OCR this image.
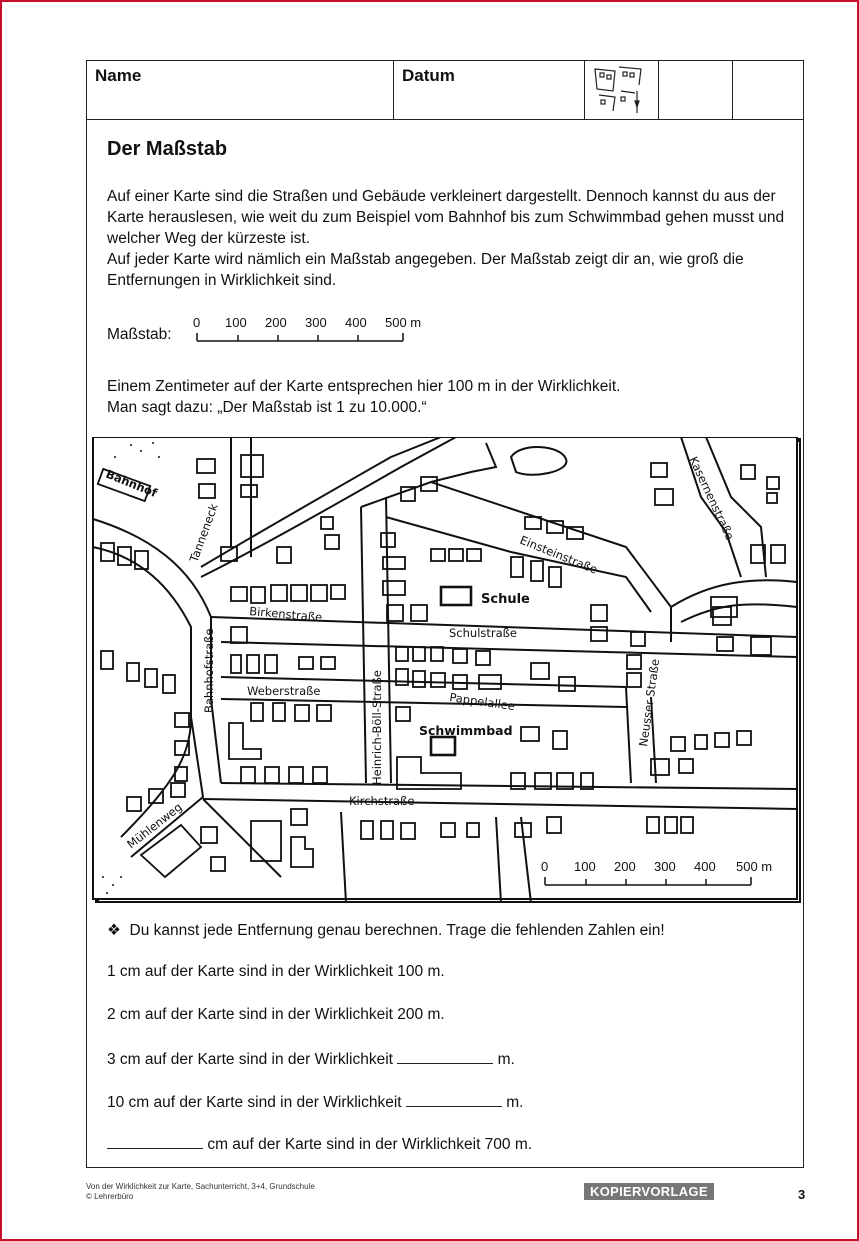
Name	Datum
Der Maßstab

Auf einer Karte sind die Straßen und Gebäude verkleinert dargestellt. Dennoch kannst du aus der Karte herauslesen, wie weit du zum Beispiel vom Bahnhof bis zum Schwimmbad gehen musst und welcher Weg der kürzeste ist.

Auf jeder Karte wird nämlich ein Maßstab angegeben. Der Maßstab zeigt dir an, wie groß die Entfernungen in Wirklichkeit sind.

Maßstab:
0 100 200 300 400 500 m

Einem Zentimeter auf der Karte entsprechen hier 100 m in der Wirklichkeit.

Man sagt dazu: „Der Maßstab ist 1 zu 10.000.“

Bahnhof
Tanneneck	Kasernenstraße
Einsteinstraße
Schule
Birkenstraße
Schulstraße
Bahnhofstraße	Weberstraße	Heinrich-Böll-Straße	Pappelallee	Neusser Straße
Schwimmbad
Kirchstraße
Mühlenweg
0 100 200 300 400 500 m
❖ Du kannst jede Entfernung genau berechnen. Trage die fehlenden Zahlen ein!
1 cm auf der Karte sind in der Wirklichkeit 100 m.
2 cm auf der Karte sind in der Wirklichkeit 200 m.
3 cm auf der Karte sind in der Wirklichkeit	m.
10 cm auf der Karte sind in der Wirklichkeit	m.
cm auf der Karte sind in der Wirklichkeit 700 m.
Von der Wirklichkeit zur Karte, Sachunterricht, 3+4, Grundschule
© Lehrerbüro	KOPIERVORLAGE	3
